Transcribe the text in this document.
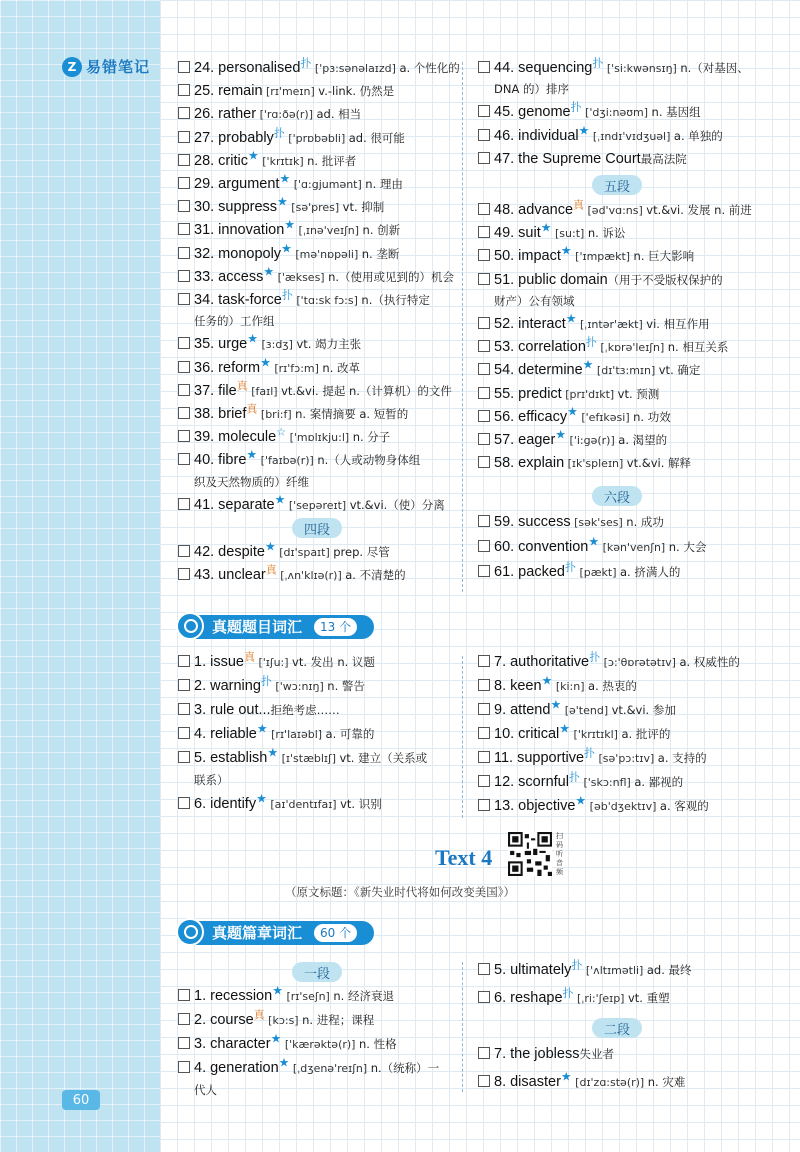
Z 易错笔记
60
24. personalised$^扑$ ['pɜ:sənəlaɪzd] a. 个性化的
25. remain [rɪ'meɪn] v.-link. 仍然是
26. rather ['rɑ:ðə(r)] ad. 相当
27. probably$^扑$ ['prɒbəbli] ad. 很可能
28. critic★ ['krɪtɪk] n. 批评者
29. argument★ ['ɑ:gjumənt] n. 理由
30. suppress★ [sə'pres] vt. 抑制
31. innovation★ [ˌɪnə'veɪʃn] n. 创新
32. monopoly★ [mə'nɒpəli] n. 垄断
33. access★ ['ækses] n.（使用或见到的）机会
34. task-force$^扑$ ['tɑ:sk fɔ:s] n.（执行特定
任务的）工作组
35. urge★ [ɜ:dʒ] vt. 竭力主张
36. reform★ [rɪ'fɔ:m] n. 改革
37. file$^真$ [faɪl] vt.&vi. 提起 n.（计算机）的文件
38. brief$^真$ [bri:f] n. 案情摘要 a. 短暂的
39. molecule☆ ['mɒlɪkju:l] n. 分子
40. fibre★ ['faɪbə(r)] n.（人或动物身体组
织及天然物质的）纤维
41. separate★ ['sepəreɪt] vt.&vi.（使）分离
四段
42. despite★ [dɪ'spaɪt] prep. 尽管
43. unclear$^真$ [ˌʌn'klɪə(r)] a. 不清楚的
44. sequencing$^扑$ ['si:kwənsɪŋ] n.（对基因、
DNA 的）排序
45. genome$^扑$ ['dʒi:nəʊm] n. 基因组
46. individual★ [ˌɪndɪ'vɪdʒuəl] a. 单独的
47. the Supreme Court最高法院
五段
48. advance$^真$ [əd'vɑ:ns] vt.&vi. 发展 n. 前进
49. suit★ [su:t] n. 诉讼
50. impact★ ['ɪmpækt] n. 巨大影响
51. public domain（用于不受版权保护的
财产）公有领域
52. interact★ [ˌɪntər'ækt] vi. 相互作用
53. correlation$^扑$ [ˌkɒrə'leɪʃn] n. 相互关系
54. determine★ [dɪ'tɜ:mɪn] vt. 确定
55. predict [prɪ'dɪkt] vt. 预测
56. efficacy★ ['efɪkəsi] n. 功效
57. eager★ ['i:gə(r)] a. 渴望的
58. explain [ɪk'spleɪn] vt.&vi. 解释
六段
59. success [sək'ses] n. 成功
60. convention★ [kən'venʃn] n. 大会
61. packed$^扑$ [pækt] a. 挤满人的
真题题目词汇	13 个
1. issue$^真$ ['ɪʃu:] vt. 发出 n. 议题
2. warning$^扑$ ['wɔ:nɪŋ] n. 警告
3. rule out...拒绝考虑……
4. reliable★ [rɪ'laɪəbl] a. 可靠的
5. establish★ [ɪ'stæblɪʃ] vt. 建立（关系或
联系）
6. identify★ [aɪ'dentɪfaɪ] vt. 识别
7. authoritative$^扑$ [ɔ:'θɒrətətɪv] a. 权威性的
8. keen★ [ki:n] a. 热衷的
9. attend★ [ə'tend] vt.&vi. 参加
10. critical★ ['krɪtɪkl] a. 批评的
11. supportive$^扑$ [sə'pɔ:tɪv] a. 支持的
12. scornful$^扑$ ['skɔ:nfl] a. 鄙视的
13. objective★ [əb'dʒektɪv] a. 客观的
Text 4
扫码听音频
（原文标题：《新失业时代将如何改变美国》）
真题篇章词汇	60 个
一段
1. recession★ [rɪ'seʃn] n. 经济衰退
2. course$^真$ [kɔ:s] n. 进程；课程
3. character★ ['kærəktə(r)] n. 性格
4. generation★ [ˌdʒenə'reɪʃn] n.（统称）一
代人
5. ultimately$^扑$ ['ʌltɪmətli] ad. 最终
6. reshape$^扑$ [ˌri:'ʃeɪp] vt. 重塑
二段
7. the jobless失业者
8. disaster★ [dɪ'zɑ:stə(r)] n. 灾难
